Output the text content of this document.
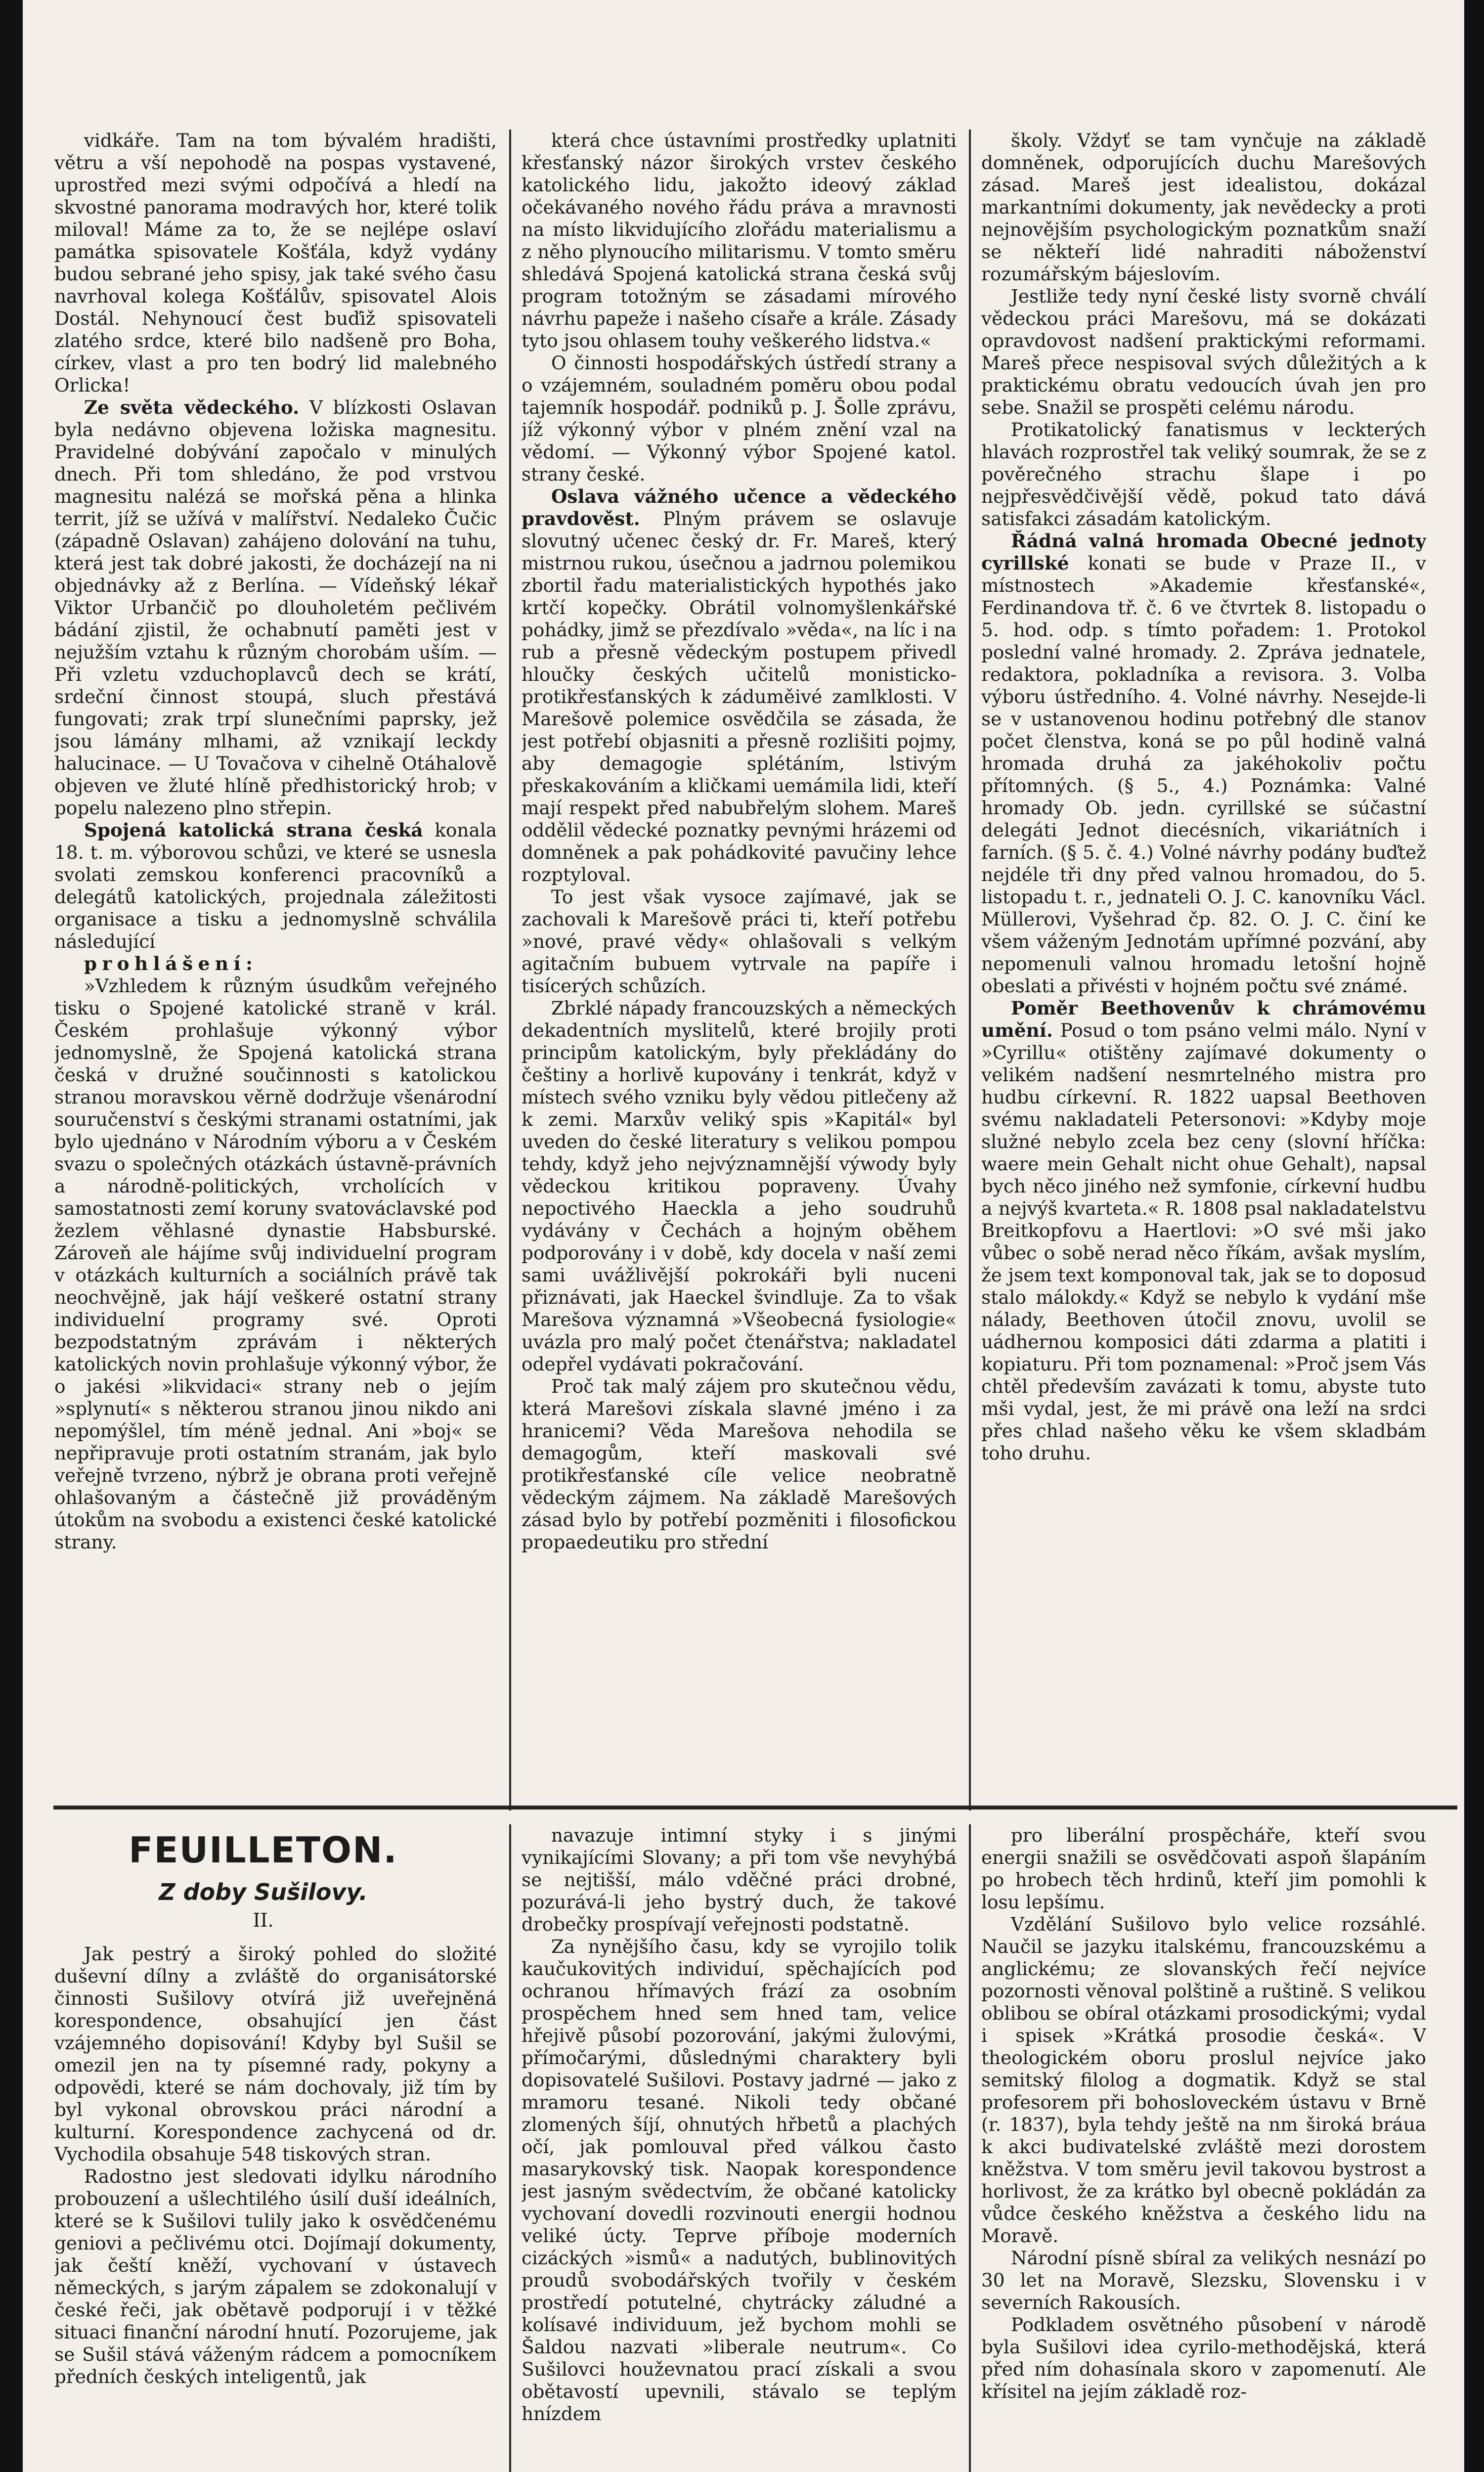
vidkáře. Tam na tom bývalém hradišti, větru a vší nepohodě na pospas vystavené, uprostřed mezi svými odpočívá a hledí na skvostné panorama modravých hor, které tolik miloval! Máme za to, že se nejlépe oslaví památka spisovatele Košťála, když vydány budou sebrané jeho spisy, jak také svého času navrhoval kolega Košťálův, spisovatel Alois Dostál. Nehynoucí čest buďiž spisovateli zlatého srdce, které bilo nadšeně pro Boha, církev, vlast a pro ten bodrý lid malebného Orlicka!

Ze světa vědeckého. V blízkosti Oslavan byla nedávno objevena ložiska magnesitu. Pravidelné dobývání započalo v minulých dnech. Při tom shledáno, že pod vrstvou magnesitu nalézá se mořská pěna a hlinka territ, jíž se užívá v malířství. Nedaleko Čučic (západně Oslavan) zahájeno dolování na tuhu, která jest tak dobré jakosti, že docházejí na ni objednávky až z Berlína. — Vídeňský lékař Viktor Urbančič po dlouholetém pečlivém bádání zjistil, že ochabnutí paměti jest v nejužším vztahu k různým chorobám uším. — Při vzletu vzduchoplavců dech se krátí, srdeční činnost stoupá, sluch přestává fungovati; zrak trpí slunečními paprsky, jež jsou lámány mlhami, až vznikají leckdy halucinace. — U Tovačova v cihelně Otáhalově objeven ve žluté hlíně předhistorický hrob; v popelu nalezeno plno střepin.

Spojená katolická strana česká konala 18. t. m. výborovou schůzi, ve které se usnesla svolati zemskou konferenci pracovníků a delegátů katolických, projednala záležitosti organisace a tisku a jednomyslně schválila následující

prohlášení:

»Vzhledem k různým úsudkům veřejného tisku o Spojené katolické straně v král. Českém prohlašuje výkonný výbor jednomyslně, že Spojená katolická strana česká v družné součinnosti s katolickou stranou moravskou věrně dodržuje všenárodní souručenství s českými stranami ostatními, jak bylo ujednáno v Národním výboru a v Českém svazu o společných otázkách ústavně-právních a národně-politických, vrcholících v samostatnosti zemí koruny svatováclavské pod žezlem věhlasné dynastie Habsburské. Zároveň ale hájíme svůj individuelní program v otázkách kulturních a sociálních právě tak neochvějně, jak hájí veškeré ostatní strany individuelní programy své. Oproti bezpodstatným zprávám i některých katolických novin prohlašuje výkonný výbor, že o jakési »likvidaci« strany neb o jejím »splynutí« s některou stranou jinou nikdo ani nepomýšlel, tím méně jednal. Ani »boj« se nepřipravuje proti ostatním stranám, jak bylo veřejně tvrzeno, nýbrž je obrana proti veřejně ohlašovaným a částečně již prováděným útokům na svobodu a existenci české katolické strany.

která chce ústavními prostředky uplatniti křesťanský názor širokých vrstev českého katolického lidu, jakožto ideový základ očekávaného nového řádu práva a mravnosti na místo likvidujícího zlořádu materialismu a z něho plynoucího militarismu. V tomto směru shledává Spojená katolická strana česká svůj program totožným se zásadami mírového návrhu papeže i našeho císaře a krále. Zásady tyto jsou ohlasem touhy veškerého lidstva.«

O činnosti hospodářských ústředí strany a o vzájemném, souladném poměru obou podal tajemník hospodář. podniků p. J. Šolle zprávu, jíž výkonný výbor v plném znění vzal na vědomí. — Výkonný výbor Spojené katol. strany české.

Oslava vážného učence a vědeckého pravdověst. Plným právem se oslavuje slovutný učenec český dr. Fr. Mareš, který mistrnou rukou, úsečnou a jadrnou polemikou zbortil řadu materialistických hypothés jako krtčí kopečky. Obrátil volnomyšlenkářské pohádky, jimž se přezdívalo »věda«, na líc i na rub a přesně vědeckým postupem přivedl hloučky českých učitelů monisticko-protikřesťanských k záduměivé zamlklosti. V Marešově polemice osvědčila se zásada, že jest potřebí objasniti a přesně rozlišiti pojmy, aby demagogie splétáním, lstivým přeskakováním a kličkami uemámila lidi, kteří mají respekt před nabubřelým slohem. Mareš oddělil vědecké poznatky pevnými hrázemi od domněnek a pak pohádkovité pavučiny lehce rozptyloval.

To jest však vysoce zajímavé, jak se zachovali k Marešově práci ti, kteří potřebu »nové, pravé vědy« ohlašovali s velkým agitačním bubuem vytrvale na papíře i tisícerých schůzích.

Zbrklé nápady francouzských a německých dekadentních myslitelů, které brojily proti principům katolickým, byly překládány do češtiny a horlivě kupovány i tenkrát, když v místech svého vzniku byly vědou pitlečeny až k zemi. Marxův veliký spis »Kapitál« byl uveden do české literatury s velikou pompou tehdy, když jeho nejvýznamnější výwody byly vědeckou kritikou popraveny. Úvahy nepoctivého Haeckla a jeho soudruhů vydávány v Čechách a hojným oběhem podporovány i v době, kdy docela v naší zemi sami uvážlivější pokrokáři byli nuceni přiznávati, jak Haeckel švindluje. Za to však Marešova významná »Všeobecná fysiologie« uvázla pro malý počet čtenářstva; nakladatel odepřel vydávati pokračování.

Proč tak malý zájem pro skutečnou vědu, která Marešovi získala slavné jméno i za hranicemi? Věda Marešova nehodila se demagogům, kteří maskovali své protikřesťanské cíle velice neobratně vědeckým zájmem. Na základě Marešových zásad bylo by potřebí pozměniti i filosofickou propaedeutiku pro střední

školy. Vždyť se tam vynčuje na základě domněnek, odporujících duchu Marešových zásad. Mareš jest idealistou, dokázal markantními dokumenty, jak nevědecky a proti nejnovějším psychologickým poznatkům snaží se někteří lidé nahraditi náboženství rozumářským bájeslovím.

Jestliže tedy nyní české listy svorně chválí vědeckou práci Marešovu, má se dokázati opravdovost nadšení praktickými reformami. Mareš přece nespisoval svých důležitých a k praktickému obratu vedoucích úvah jen pro sebe. Snažil se prospěti celému národu.

Protikatolický fanatismus v leckterých hlavách rozprostřel tak veliký soumrak, že se z pověrečného strachu šlape i po nejpřesvědčivější vědě, pokud tato dává satisfakci zásadám katolickým.

Řádná valná hromada Obecné jednoty cyrillské konati se bude v Praze II., v místnostech »Akademie křesťanské«, Ferdinandova tř. č. 6 ve čtvrtek 8. listopadu o 5. hod. odp. s tímto pořadem: 1. Protokol poslední valné hromady. 2. Zpráva jednatele, redaktora, pokladníka a revisora. 3. Volba výboru ústředního. 4. Volné návrhy. Nesejde-li se v ustanovenou hodinu potřebný dle stanov počet členstva, koná se po půl hodině valná hromada druhá za jakéhokoliv počtu přítomných. (§ 5., 4.) Poznámka: Valné hromady Ob. jedn. cyrillské se súčastní delegáti Jednot diecésních, vikariátních i farních. (§ 5. č. 4.) Volné návrhy podány buďtež nejdéle tři dny před valnou hromadou, do 5. listopadu t. r., jednateli O. J. C. kanovníku Václ. Müllerovi, Vyšehrad čp. 82. O. J. C. činí ke všem váženým Jednotám upřímné pozvání, aby nepomenuli valnou hromadu letošní hojně obeslati a přivésti v hojném počtu své známé.

Poměr Beethovenův k chrámovému umění. Posud o tom psáno velmi málo. Nyní v »Cyrillu« otištěny zajímavé dokumenty o velikém nadšení nesmrtelného mistra pro hudbu církevní. R. 1822 uapsal Beethoven svému nakladateli Petersonovi: »Kdyby moje služné nebylo zcela bez ceny (slovní hříčka: waere mein Gehalt nicht ohue Gehalt), napsal bych něco jiného než symfonie, církevní hudbu a nejvýš kvarteta.« R. 1808 psal nakladatelstvu Breitkopfovu a Haertlovi: »O své mši jako vůbec o sobě nerad něco říkám, avšak myslím, že jsem text komponoval tak, jak se to doposud stalo málokdy.« Když se nebylo k vydání mše nálady, Beethoven útočil znovu, uvolil se uádhernou komposici dáti zdarma a platiti i kopiaturu. Při tom poznamenal: »Proč jsem Vás chtěl především zavázati k tomu, abyste tuto mši vydal, jest, že mi právě ona leží na srdci přes chlad našeho věku ke všem skladbám toho druhu.

FEUILLETON.
Z doby Sušilovy.
II.

Jak pestrý a široký pohled do složité duševní dílny a zvláště do organisátorské činnosti Sušilovy otvírá již uveřejněná korespondence, obsahující jen část vzájemného dopisování! Kdyby byl Sušil se omezil jen na ty písemné rady, pokyny a odpovědi, které se nám dochovaly, již tím by byl vykonal obrovskou práci národní a kulturní. Korespondence zachycená od dr. Vychodila obsahuje 548 tiskových stran.

Radostno jest sledovati idylku národního probouzení a ušlechtilého úsilí duší ideálních, které se k Sušilovi tulily jako k osvědčenému geniovi a pečlivému otci. Dojímají dokumenty, jak čeští kněží, vychovaní v ústavech německých, s jarým zápalem se zdokonalují v české řeči, jak obětavě podporují i v těžké situaci finanční národní hnutí. Pozorujeme, jak se Sušil stává váženým rádcem a pomocníkem předních českých inteligentů, jak

navazuje intimní styky i s jinými vynikajícími Slovany; a při tom vše nevyhýbá se nejtišší, málo vděčné práci drobné, pozurává-li jeho bystrý duch, že takové drobečky prospívají veřejnosti podstatně.

Za nynějšího času, kdy se vyrojilo tolik kaučukovitých individuí, spěchajících pod ochranou hřímavých frází za osobním prospěchem hned sem hned tam, velice hřejivě působí pozorování, jakými žulovými, přímočarými, důslednými charaktery byli dopisovatelé Sušilovi. Postavy jadrné — jako z mramoru tesané. Nikoli tedy občané zlomených šíjí, ohnutých hřbetů a plachých očí, jak pomlouval před válkou často masarykovský tisk. Naopak korespondence jest jasným svědectvím, že občané katolicky vychovaní dovedli rozvinouti energii hodnou veliké úcty. Teprve příboje moderních cizáckých »ismů« a nadutých, bublinovitých proudů svobodářských tvořily v českém prostředí potutelné, chytrácky záludné a kolísavé individuum, jež bychom mohli se Šaldou nazvati »liberale neutrum«. Co Sušilovci houževnatou prací získali a svou obětavostí upevnili, stávalo se teplým hnízdem

pro liberální prospěcháře, kteří svou energii snažili se osvědčovati aspoň šlapáním po hrobech těch hrdinů, kteří jim pomohli k losu lepšímu.

Vzdělání Sušilovo bylo velice rozsáhlé. Naučil se jazyku italskému, francouzskému a anglickému; ze slovanských řečí nejvíce pozornosti věnoval polštině a ruštině. S velikou oblibou se obíral otázkami prosodickými; vydal i spisek »Krátká prosodie česká«. V theologickém oboru proslul nejvíce jako semitský filolog a dogmatik. Když se stal profesorem při bohosloveckém ústavu v Brně (r. 1837), byla tehdy ještě na nm široká bráua k akci budivatelské zvláště mezi dorostem kněžstva. V tom směru jevil takovou bystrost a horlivost, že za krátko byl obecně pokládán za vůdce českého kněžstva a českého lidu na Moravě.

Národní písně sbíral za velikých nesnází po 30 let na Moravě, Slezsku, Slovensku i v severních Rakousích.

Podkladem osvětného působení v národě byla Sušilovi idea cyrilo-methodějská, která před ním dohasínala skoro v zapomenutí. Ale křísitel na jejím základě roz-
